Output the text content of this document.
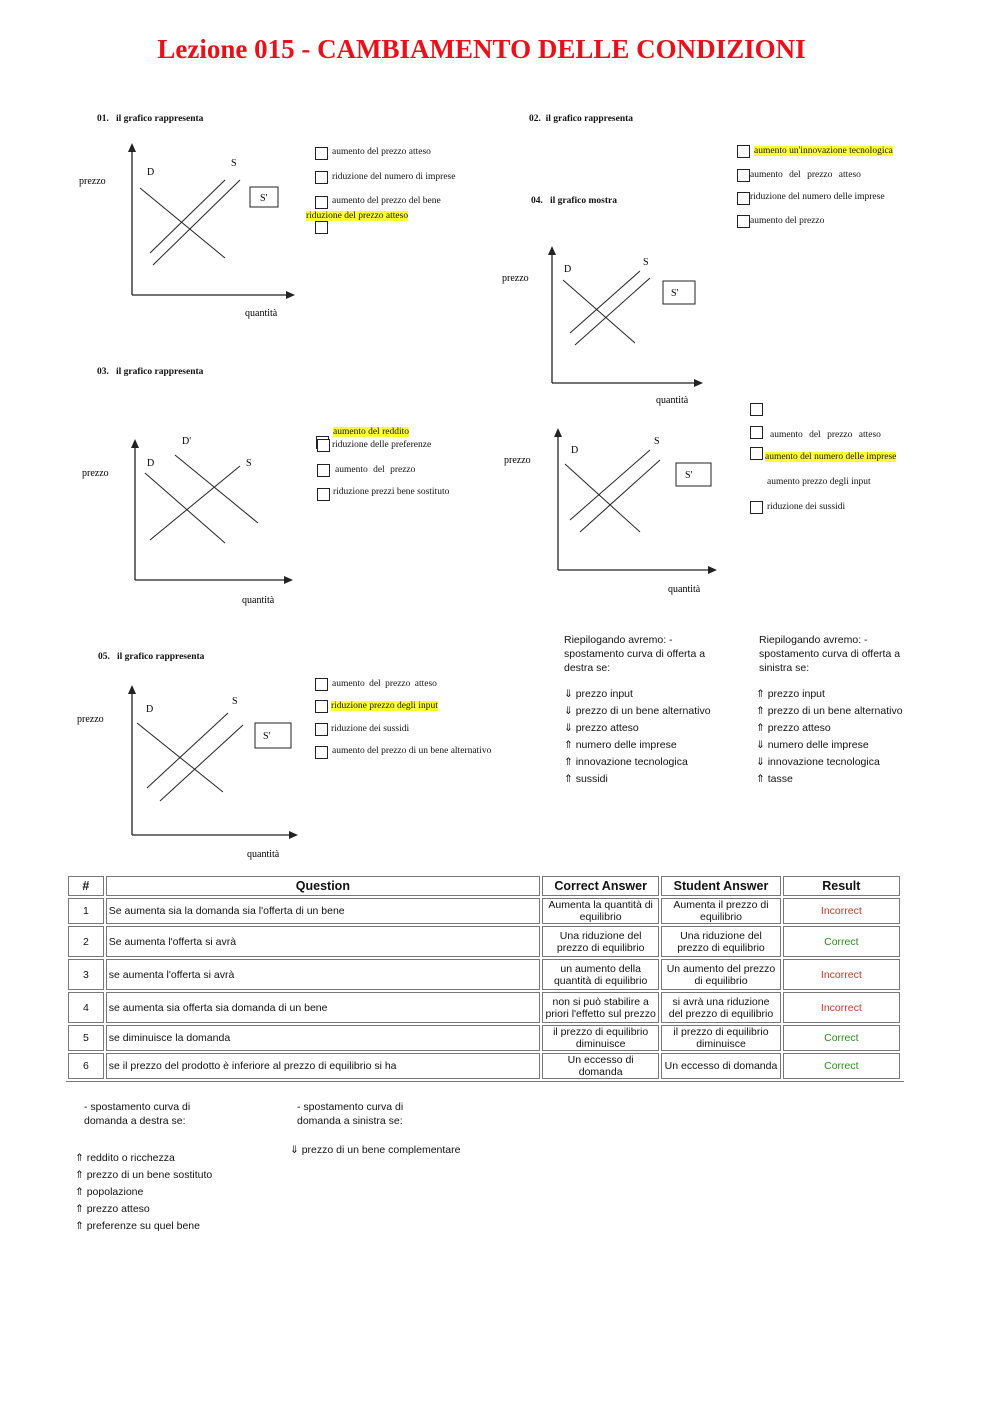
Lezione 015 - CAMBIAMENTO DELLE CONDIZIONI
01. il grafico rappresenta
prezzo
D
S
S'
quantità
aumento del prezzo atteso
riduzione del numero di imprese
aumento del prezzo del bene
riduzione del prezzo atteso
02. il grafico rappresenta
aumento un'innovazione tecnologica
aumento del prezzo atteso
riduzione del numero delle imprese
aumento del prezzo
04. il grafico mostra
prezzo
D
S
S'
quantità
03. il grafico rappresenta
prezzo
D
D'
S
quantità
aumento del reddito
riduzione delle preferenze
aumento del prezzo
riduzione prezzi bene sostituto
prezzo
D
S
S'
quantità
aumento del prezzo atteso
aumento del numero delle imprese
aumento prezzo degli input
riduzione dei sussidi
05. il grafico rappresenta
prezzo
D
S
S'
quantità
aumento del prezzo atteso
riduzione prezzo degli input
riduzione dei sussidi
aumento del prezzo di un bene alternativo
Riepilogando avremo: - spostamento curva di offerta a destra se:
⇓ prezzo input
⇓ prezzo di un bene alternativo
⇓ prezzo atteso
⇑ numero delle imprese
⇑ innovazione tecnologica
⇑ sussidi
Riepilogando avremo: - spostamento curva di offerta a sinistra se:
⇑ prezzo input
⇑ prezzo di un bene alternativo
⇑ prezzo atteso
⇓ numero delle imprese
⇓ innovazione tecnologica
⇑ tasse
#	Question	Correct Answer	Student Answer	Result
1	Se aumenta sia la domanda sia l'offerta di un bene	Aumenta la quantità di equilibrio	Aumenta il prezzo di equilibrio	Incorrect
2	Se aumenta l'offerta si avrà	Una riduzione del prezzo di equilibrio	Una riduzione del prezzo di equilibrio	Correct
3	se aumenta l'offerta si avrà	un aumento della quantità di equilibrio	Un aumento del prezzo di equilibrio	Incorrect
4	se aumenta sia offerta sia domanda di un bene	non si può stabilire a priori l'effetto sul prezzo	si avrà una riduzione del prezzo di equilibrio	Incorrect
5	se diminuisce la domanda	il prezzo di equilibrio diminuisce	il prezzo di equilibrio diminuisce	Correct
6	se il prezzo del prodotto è inferiore al prezzo di equilibrio si ha	Un eccesso di domanda	Un eccesso di domanda	Correct
- spostamento curva di domanda a destra se:
⇑ reddito o ricchezza
⇑ prezzo di un bene sostituto
⇑ popolazione
⇑ prezzo atteso
⇑ preferenze su quel bene
- spostamento curva di domanda a sinistra se:
⇓ prezzo di un bene complementare
